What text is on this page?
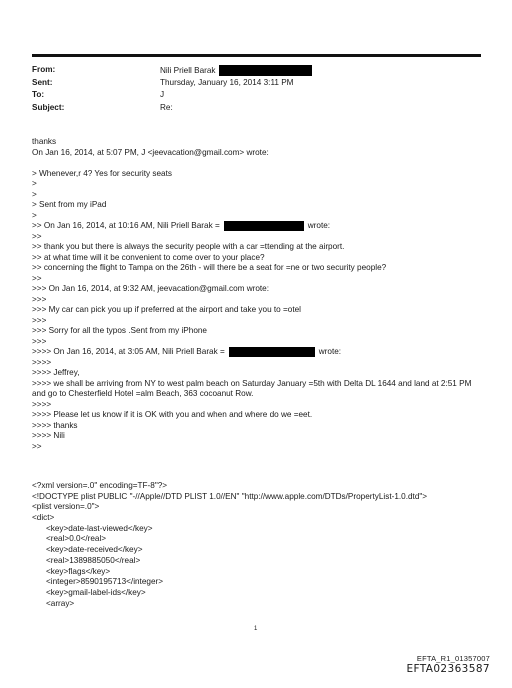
From:	Nili Priell Barak
Sent:	Thursday, January 16, 2014 3:11 PM
To:	J
Subject:	Re:
thanks
On Jan 16, 2014, at 5:07 PM, J <jeevacation@gmail.com> wrote:
> Whenever,r 4? Yes for security seats
>
>
> Sent from my iPad
>
>> On Jan 16, 2014, at 10:16 AM, Nili Priell Barak =	wrote:
>>
>> thank you but there is always the security people with a car =ttending at the airport.
>> at what time will it be convenient to come over to your place?
>> concerning the flight to Tampa on the 26th - will there be a seat for =ne or two security people?
>>
>>> On Jan 16, 2014, at 9:32 AM, jeevacation@gmail.com wrote:
>>>
>>> My car can pick you up if preferred at the airport and take you to =otel
>>>
>>> Sorry for all the typos .Sent from my iPhone
>>>
>>>> On Jan 16, 2014, at 3:05 AM, Nili Priell Barak =	wrote:
>>>>
>>>> Jeffrey,
>>>> we shall be arriving from NY to west palm beach on Saturday January =5th with Delta DL 1644 and land at 2:51 PM
and go to Chesterfield Hotel =alm Beach, 363 cocoanut Row.
>>>>
>>>> Please let us know if it is OK with you and when and where do we =eet.
>>>> thanks
>>>> Nili
>>
<?xml version=.0" encoding=TF-8"?>
<!DOCTYPE plist PUBLIC "-//Apple//DTD PLIST 1.0//EN" "http://www.apple.com/DTDs/PropertyList-1.0.dtd">
<plist version=.0">
<dict>
<key>date-last-viewed</key>
<real>0.0</real>
<key>date-received</key>
<real>1389885050</real>
<key>flags</key>
<integer>8590195713</integer>
<key>gmail-label-ids</key>
<array>
1
EFTA_R1_01357007
EFTA02363587
